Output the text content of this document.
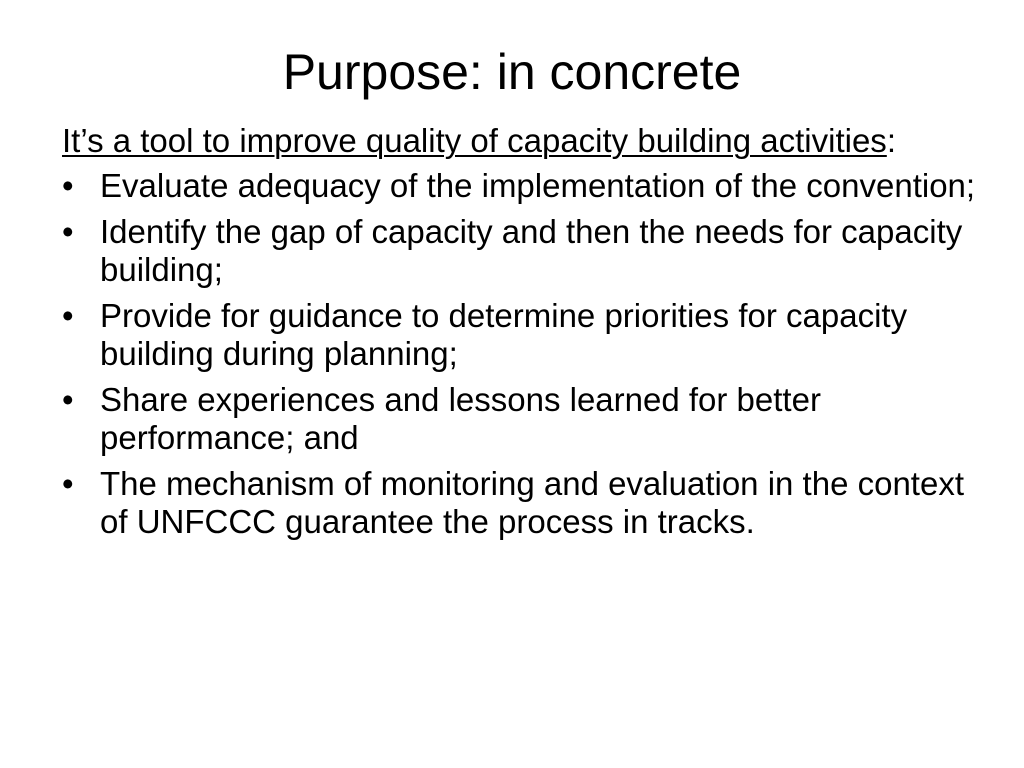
Purpose: in concrete

It’s a tool to improve quality of capacity building activities:

• Evaluate adequacy of the implementation of the convention;
• Identify the gap of capacity and then the needs for capacity building;
• Provide for guidance to determine priorities for capacity building during planning;
• Share experiences and lessons learned for better performance; and
• The mechanism of monitoring and evaluation in the context of UNFCCC guarantee the process in tracks.
